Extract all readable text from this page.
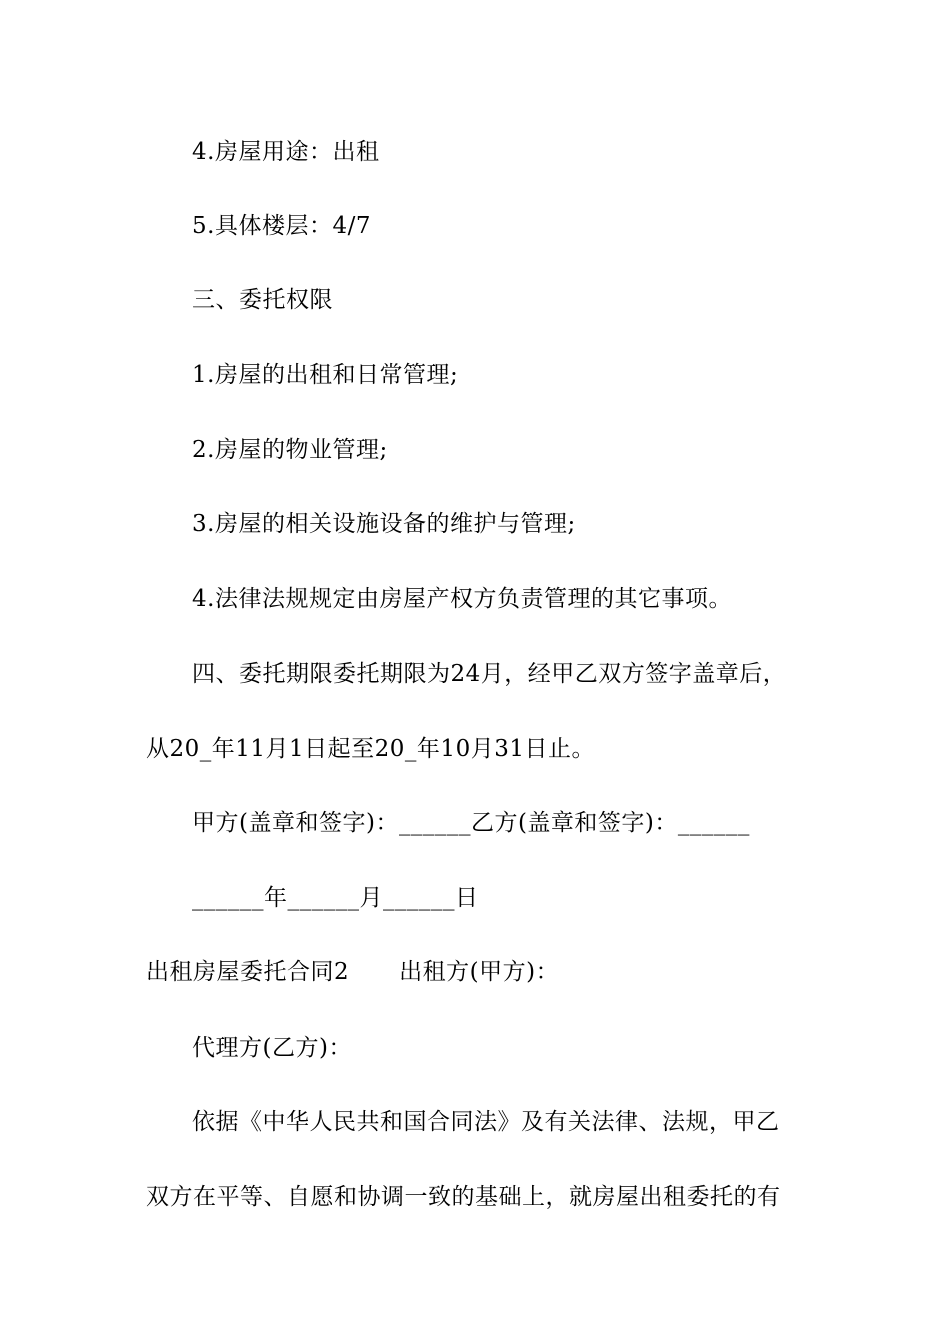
4.房屋用途：出租
5.具体楼层：4/7
三、委托权限
1.房屋的出租和日常管理;
2.房屋的物业管理;
3.房屋的相关设施设备的维护与管理;
4.法律法规规定由房屋产权方负责管理的其它事项。
四、委托期限委托期限为24月，经甲乙双方签字盖章后，
从20_年11月1日起至20_年10月31日止。
甲方(盖章和签字)：______乙方(盖章和签字)：______
______年______月______日
出租房屋委托合同2 出租方(甲方)：
代理方(乙方)：
依据《中华人民共和国合同法》及有关法律、法规，甲乙
双方在平等、自愿和协调一致的基础上，就房屋出租委托的有
